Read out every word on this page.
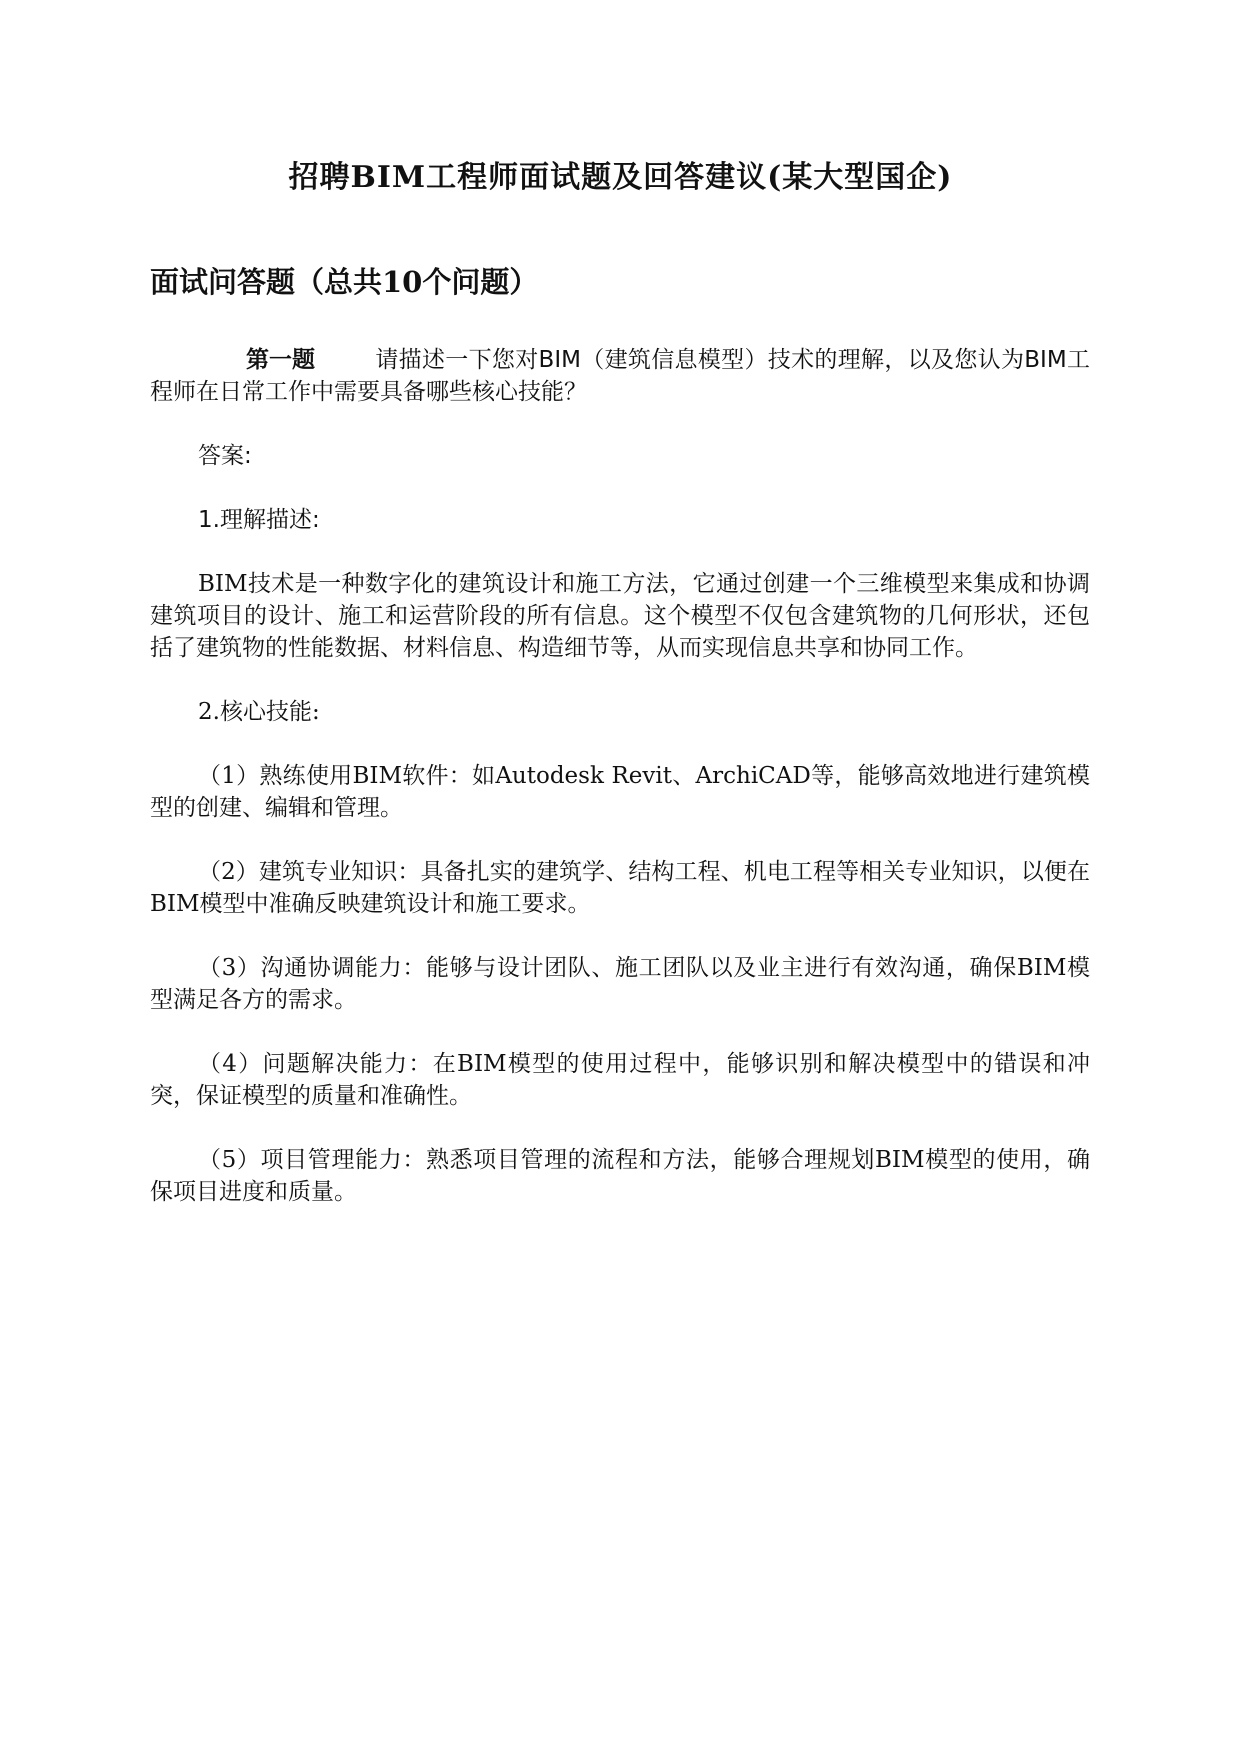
招聘BIM工程师面试题及回答建议(某大型国企)
面试问答题（总共10个问题）

第一题	请描述一下您对BIM（建筑信息模型）技术的理解，以及您认为BIM工程师在日常工作中需要具备哪些核心技能？

答案:

1.理解描述:

BIM技术是一种数字化的建筑设计和施工方法，它通过创建一个三维模型来集成和协调建筑项目的设计、施工和运营阶段的所有信息。这个模型不仅包含建筑物的几何形状，还包括了建筑物的性能数据、材料信息、构造细节等，从而实现信息共享和协同工作。

2.核心技能:

（1）熟练使用BIM软件：如Autodesk Revit、ArchiCAD等，能够高效地进行建筑模型的创建、编辑和管理。

（2）建筑专业知识：具备扎实的建筑学、结构工程、机电工程等相关专业知识，以便在BIM模型中准确反映建筑设计和施工要求。

（3）沟通协调能力：能够与设计团队、施工团队以及业主进行有效沟通，确保BIM模型满足各方的需求。

（4）问题解决能力：在BIM模型的使用过程中，能够识别和解决模型中的错误和冲突，保证模型的质量和准确性。

（5）项目管理能力：熟悉项目管理的流程和方法，能够合理规划BIM模型的使用，确保项目进度和质量。
